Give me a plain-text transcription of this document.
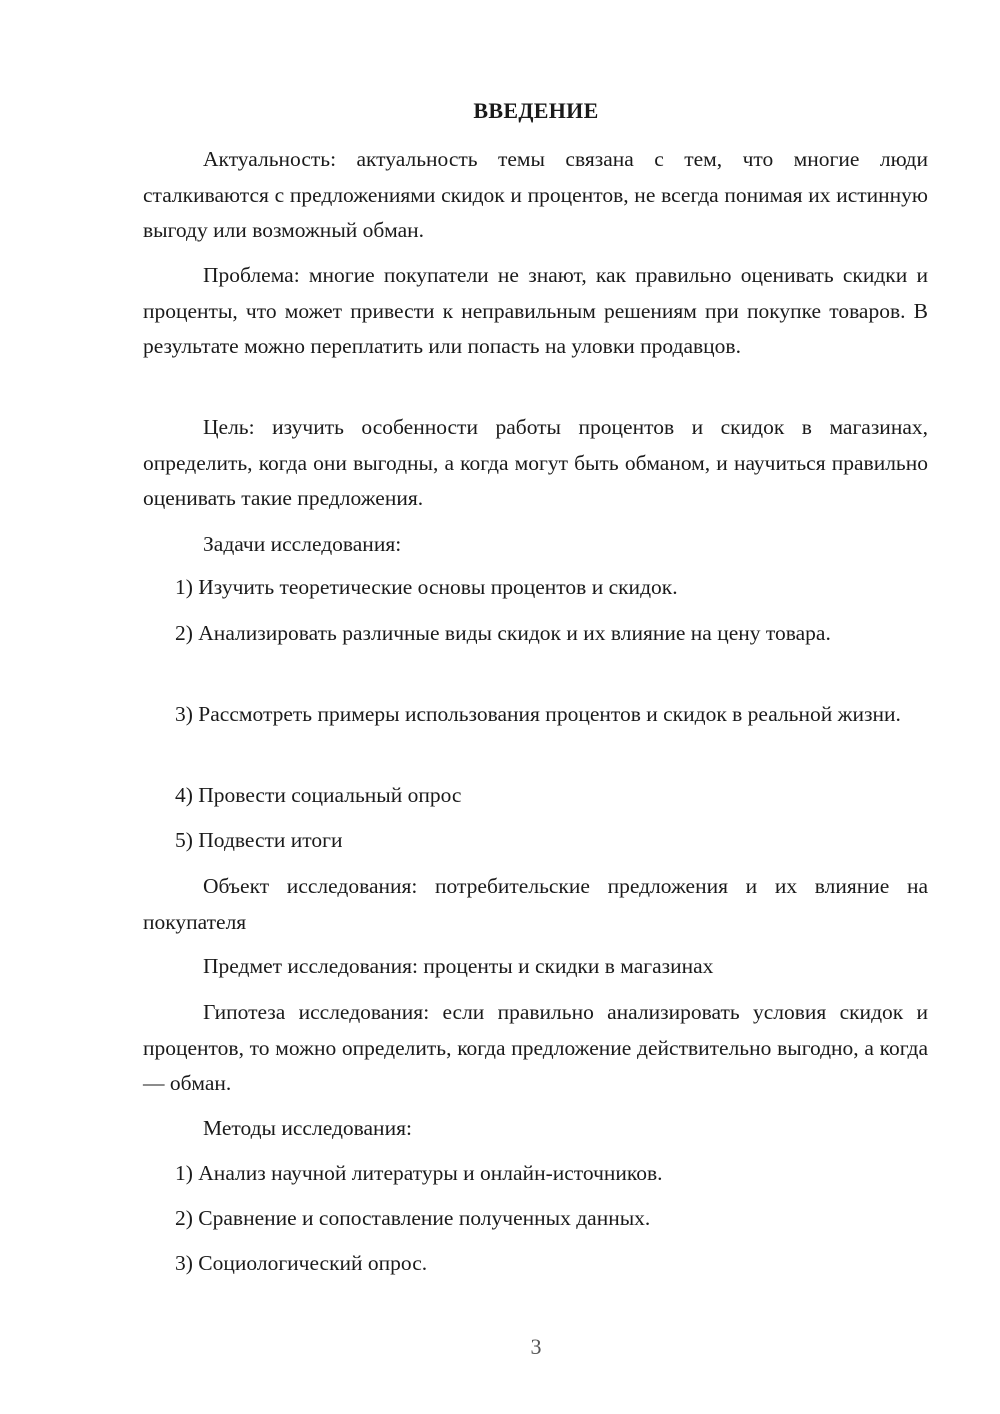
ВВЕДЕНИЕ

Актуальность: актуальность темы связана с тем, что многие люди сталкиваются с предложениями скидок и процентов, не всегда понимая их истинную выгоду или возможный обман.

Проблема: многие покупатели не знают, как правильно оценивать скидки и проценты, что может привести к неправильным решениям при покупке товаров. В результате можно переплатить или попасть на уловки продавцов.

Цель: изучить особенности работы процентов и скидок в магазинах, определить, когда они выгодны, а когда могут быть обманом, и научиться правильно оценивать такие предложения.

Задачи исследования:

1) Изучить теоретические основы процентов и скидок.

2) Анализировать различные виды скидок и их влияние на цену товара.

3) Рассмотреть примеры использования процентов и скидок в реальной жизни.

4) Провести социальный опрос

5) Подвести итоги

Объект исследования: потребительские предложения и их влияние на покупателя

Предмет исследования: проценты и скидки в магазинах

Гипотеза исследования: если правильно анализировать условия скидок и процентов, то можно определить, когда предложение действительно выгодно, а когда — обман.

Методы исследования:

1) Анализ научной литературы и онлайн-источников.

2) Сравнение и сопоставление полученных данных.

3) Социологический опрос.

3
